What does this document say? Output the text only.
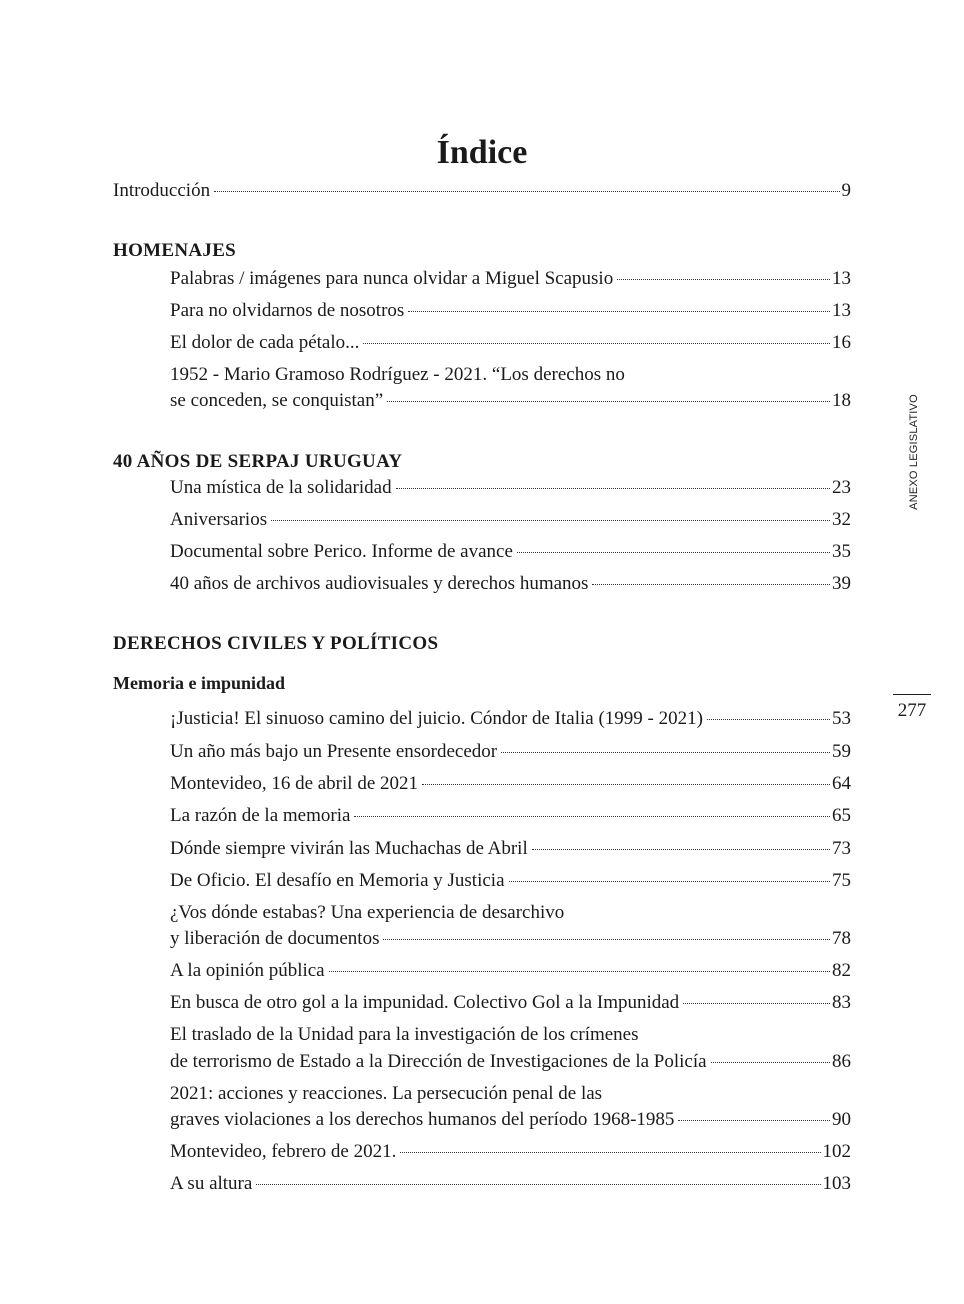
Índice
Introducción	9
HOMENAJES
Palabras / imágenes para nunca olvidar a Miguel Scapusio	13
Para no olvidarnos de nosotros	13
El dolor de cada pétalo...	16
1952 - Mario Gramoso Rodríguez - 2021. “Los derechos no
se conceden, se conquistan”	18
40 AÑOS DE SERPAJ URUGUAY
Una mística de la solidaridad	23
Aniversarios	32
Documental sobre Perico. Informe de avance	35
40 años de archivos audiovisuales y derechos humanos	39
DERECHOS CIVILES Y POLÍTICOS
Memoria e impunidad
¡Justicia! El sinuoso camino del juicio. Cóndor de Italia (1999 - 2021)	53
Un año más bajo un Presente ensordecedor	59
Montevideo, 16 de abril de 2021	64
La razón de la memoria	65
Dónde siempre vivirán las Muchachas de Abril	73
De Oficio. El desafío en Memoria y Justicia	75
¿Vos dónde estabas? Una experiencia de desarchivo
y liberación de documentos	78
A la opinión pública	82
En busca de otro gol a la impunidad. Colectivo Gol a la Impunidad	83
El traslado de la Unidad para la investigación de los crímenes
de terrorismo de Estado a la Dirección de Investigaciones de la Policía	86
2021: acciones y reacciones. La persecución penal de las
graves violaciones a los derechos humanos del período 1968-1985	90
Montevideo, febrero de 2021.	102
A su altura	103
ANEXO LEGISLATIVO
277
